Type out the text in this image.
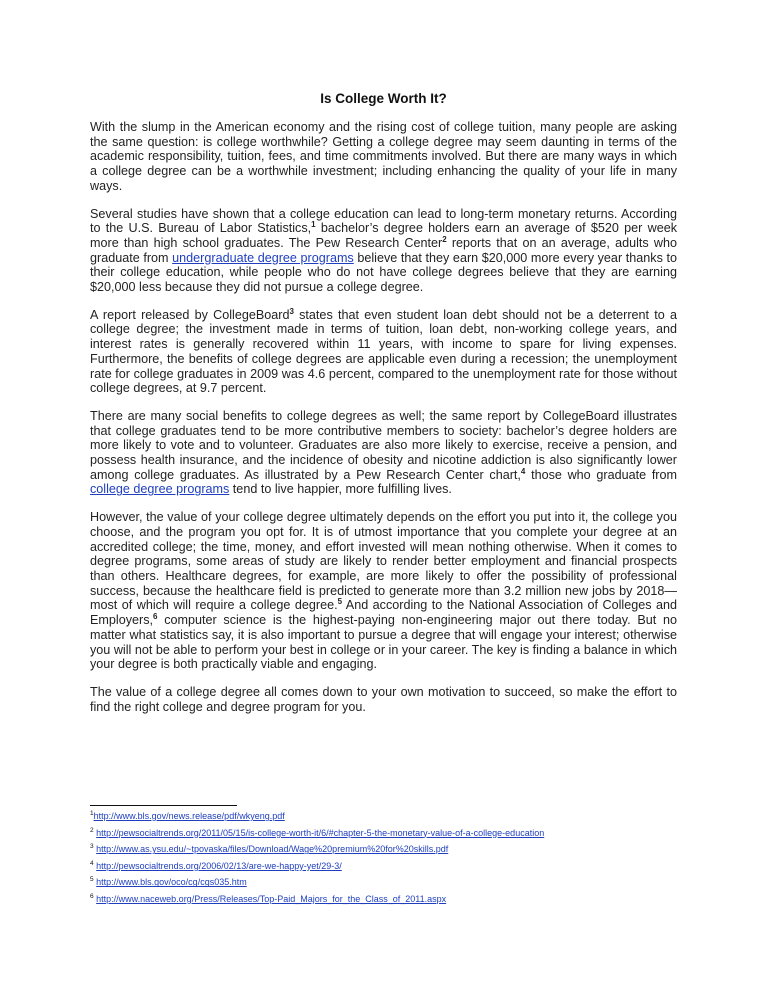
Is College Worth It?

With the slump in the American economy and the rising cost of college tuition, many people are asking the same question: is college worthwhile? Getting a college degree may seem daunting in terms of the academic responsibility, tuition, fees, and time commitments involved. But there are many ways in which a college degree can be a worthwhile investment; including enhancing the quality of your life in many ways.

Several studies have shown that a college education can lead to long-term monetary returns. According to the U.S. Bureau of Labor Statistics,$^1$ bachelor’s degree holders earn an average of $520 per week more than high school graduates. The Pew Research Center$^2$ reports that on an average, adults who graduate from undergraduate degree programs believe that they earn $20,000 more every year thanks to their college education, while people who do not have college degrees believe that they are earning $20,000 less because they did not pursue a college degree.

A report released by CollegeBoard$^3$ states that even student loan debt should not be a deterrent to a college degree; the investment made in terms of tuition, loan debt, non-working college years, and interest rates is generally recovered within 11 years, with income to spare for living expenses. Furthermore, the benefits of college degrees are applicable even during a recession; the unemployment rate for college graduates in 2009 was 4.6 percent, compared to the unemployment rate for those without college degrees, at 9.7 percent.

There are many social benefits to college degrees as well; the same report by CollegeBoard illustrates that college graduates tend to be more contributive members to society: bachelor’s degree holders are more likely to vote and to volunteer. Graduates are also more likely to exercise, receive a pension, and possess health insurance, and the incidence of obesity and nicotine addiction is also significantly lower among college graduates. As illustrated by a Pew Research Center chart,$^4$ those who graduate from college degree programs tend to live happier, more fulfilling lives.

However, the value of your college degree ultimately depends on the effort you put into it, the college you choose, and the program you opt for. It is of utmost importance that you complete your degree at an accredited college; the time, money, and effort invested will mean nothing otherwise. When it comes to degree programs, some areas of study are likely to render better employment and financial prospects than others. Healthcare degrees, for example, are more likely to offer the possibility of professional success, because the healthcare field is predicted to generate more than 3.2 million new jobs by 2018—most of which will require a college degree.$^5$ And according to the National Association of Colleges and Employers,$^6$ computer science is the highest-paying non-engineering major out there today. But no matter what statistics say, it is also important to pursue a degree that will engage your interest; otherwise you will not be able to perform your best in college or in your career. The key is finding a balance in which your degree is both practically viable and engaging.

The value of a college degree all comes down to your own motivation to succeed, so make the effort to find the right college and degree program for you.

$^1$http://www.bls.gov/news.release/pdf/wkyeng.pdf
$^2$ http://pewsocialtrends.org/2011/05/15/is-college-worth-it/6/#chapter-5-the-monetary-value-of-a-college-education
$^3$ http://www.as.ysu.edu/~tpovaska/files/Download/Wage%20premium%20for%20skills.pdf
$^4$ http://pewsocialtrends.org/2006/02/13/are-we-happy-yet/29-3/
$^5$ http://www.bls.gov/oco/cg/cgs035.htm
$^6$ http://www.naceweb.org/Press/Releases/Top-Paid_Majors_for_the_Class_of_2011.aspx
